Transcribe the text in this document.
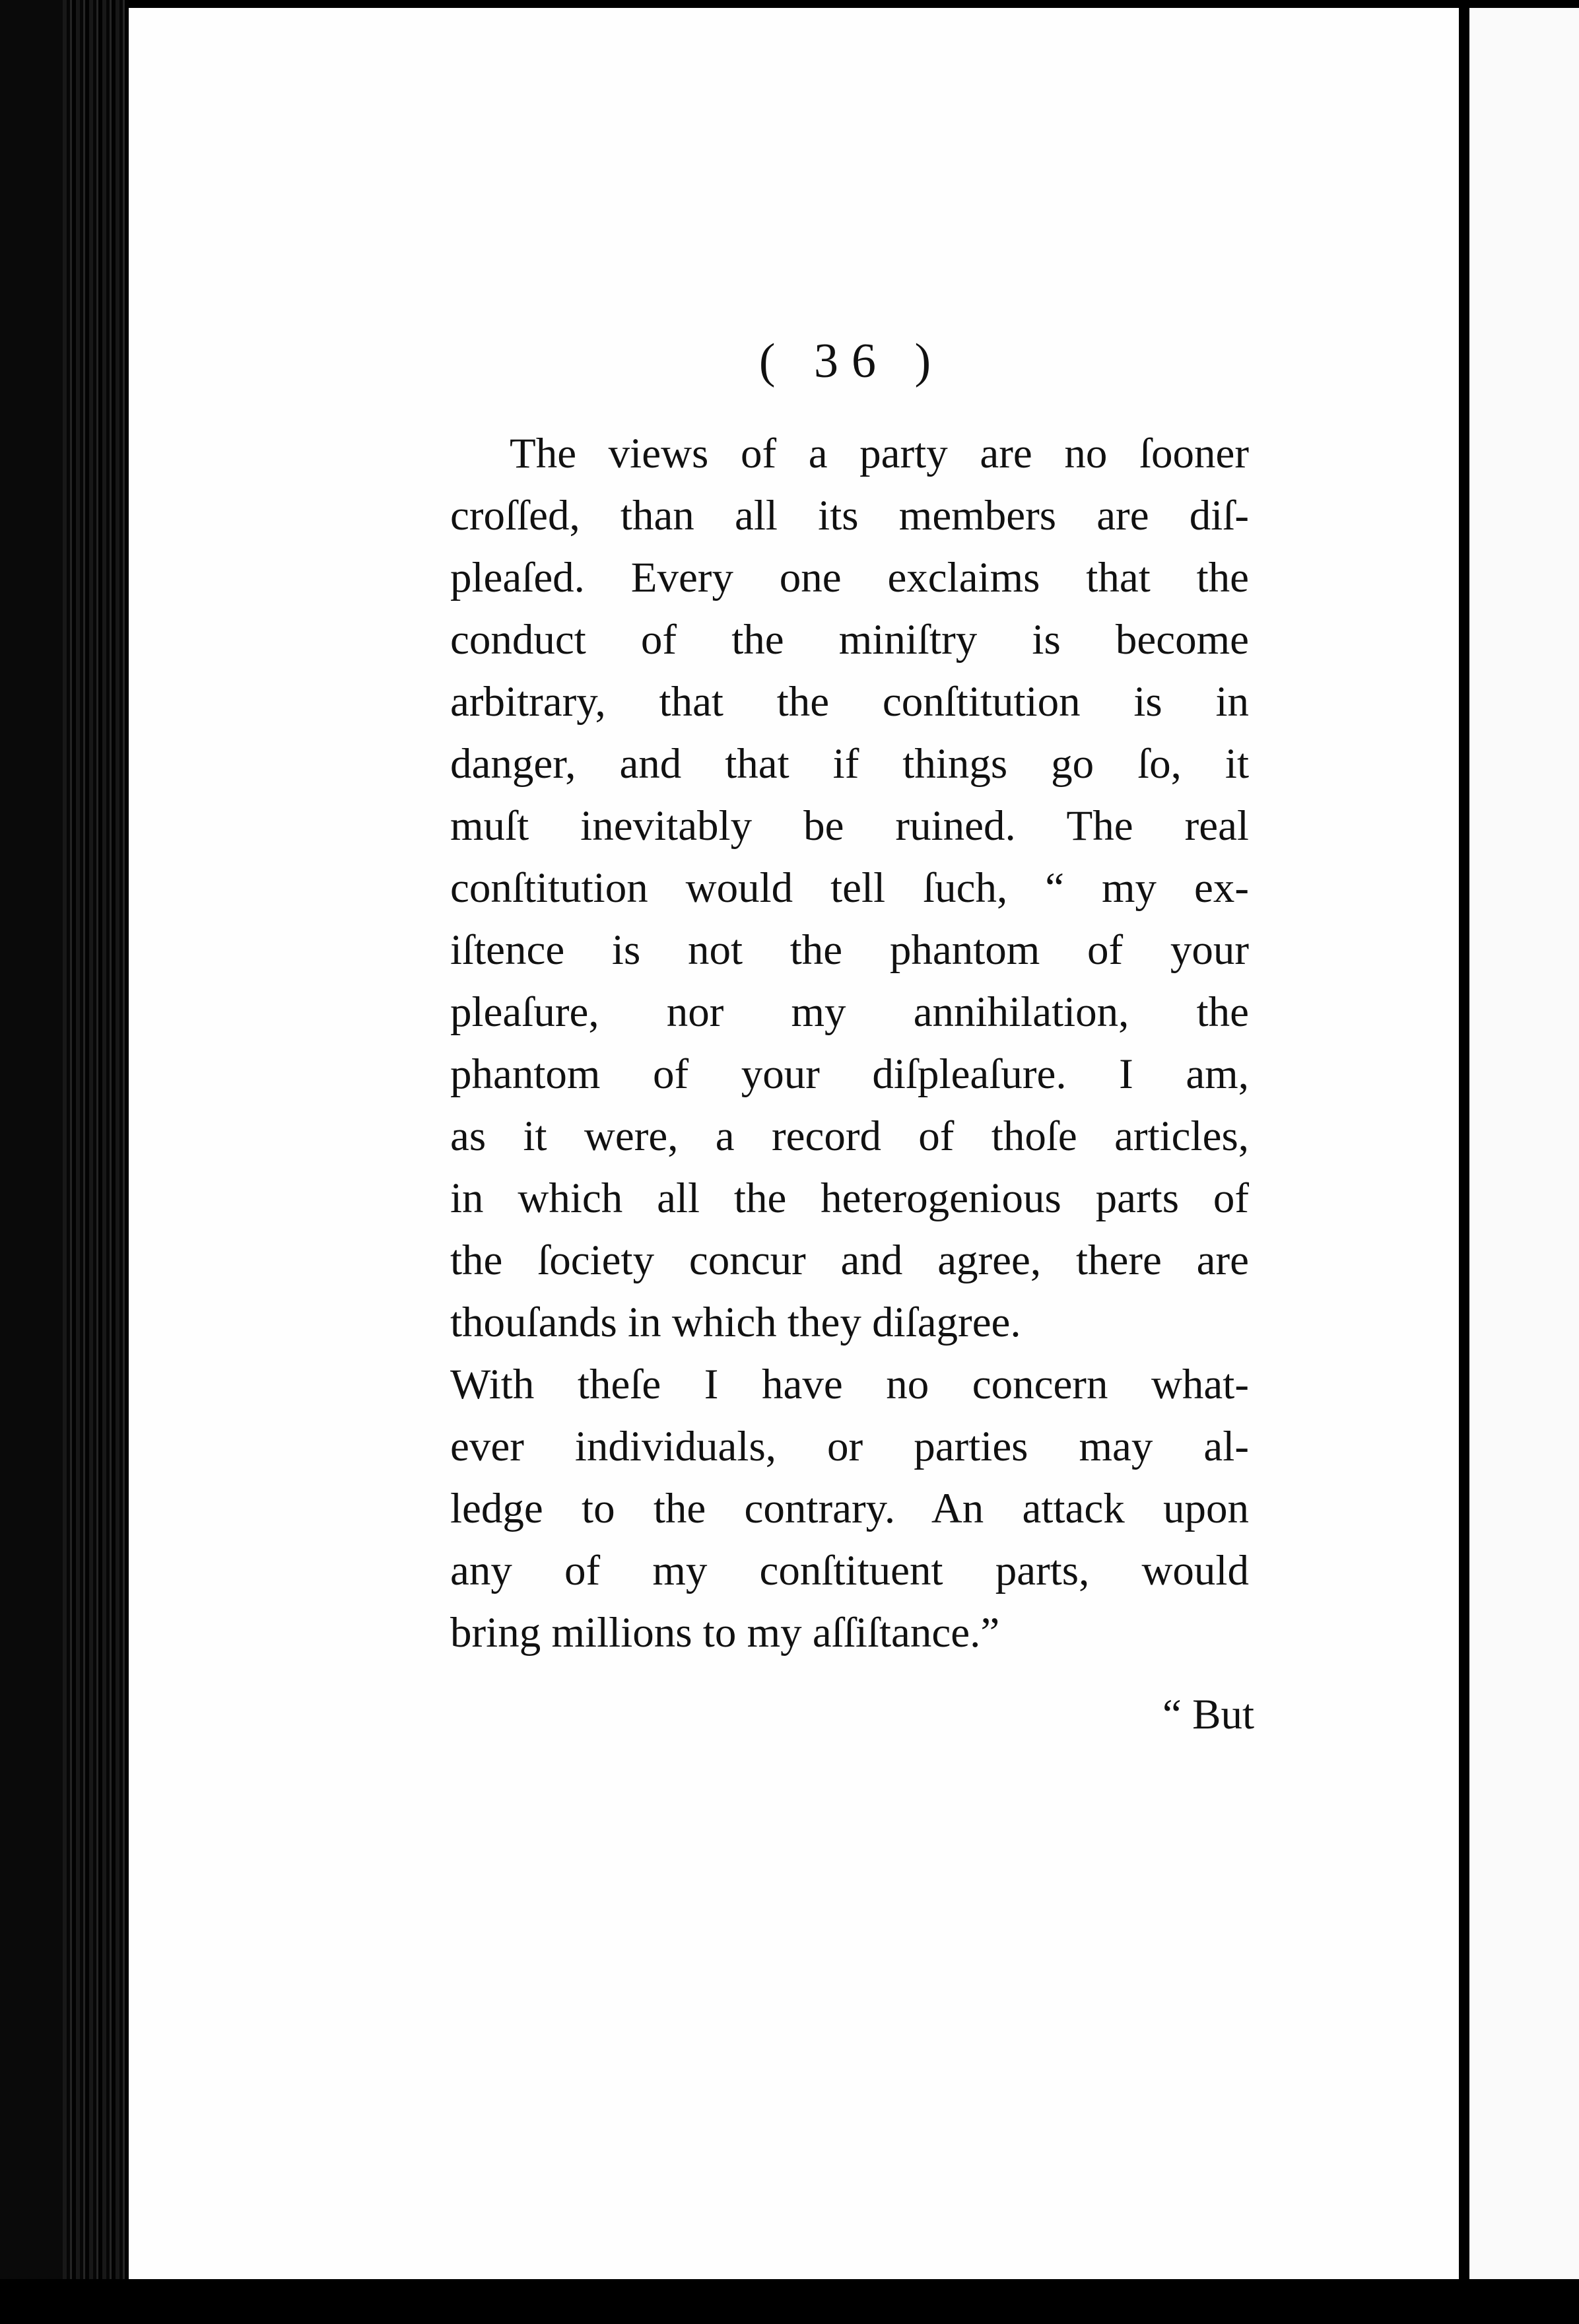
( 36 )
The views of a party are no ſooner
croſſed, than all its members are diſ-
pleaſed. Every one exclaims that the
conduct of the miniſtry is become
arbitrary, that the conſtitution is in
danger, and that if things go ſo, it
muſt inevitably be ruined. The real
conſtitution would tell ſuch, “ my ex-
iſtence is not the phantom of your
pleaſure, nor my annihilation, the
phantom of your diſpleaſure. I am,
as it were, a record of thoſe articles,
in which all the heterogenious parts of
the ſociety concur and agree, there are
thouſands in which they diſagree.
With theſe I have no concern what-
ever individuals, or parties may al-
ledge to the contrary. An attack upon
any of my conſtituent parts, would
bring millions to my aſſiſtance.”
“ But
